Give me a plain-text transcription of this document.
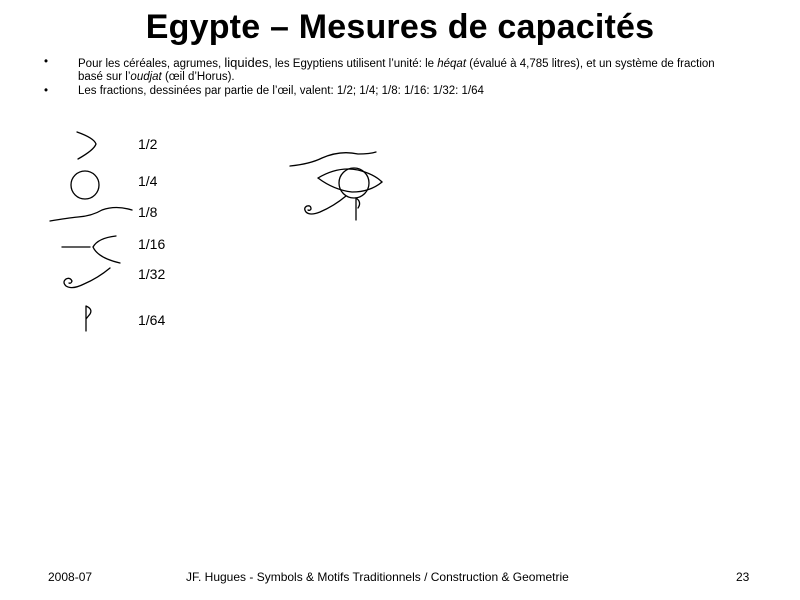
Egypte – Mesures de capacités
•	Pour les céréales, agrumes, liquides, les Egyptiens utilisent l’unité: le héqat (évalué à 4,785 litres), et un système de fraction basé sur l’oudjat (œil d’Horus).
•	Les fractions, dessinées par partie de l’œil, valent: 1/2; 1/4; 1/8: 1/16: 1/32: 1/64
1/2
1/4
1/8
1/16
1/32
1/64
2008-07	JF. Hugues - Symbols & Motifs Traditionnels / Construction & Geometrie	23
